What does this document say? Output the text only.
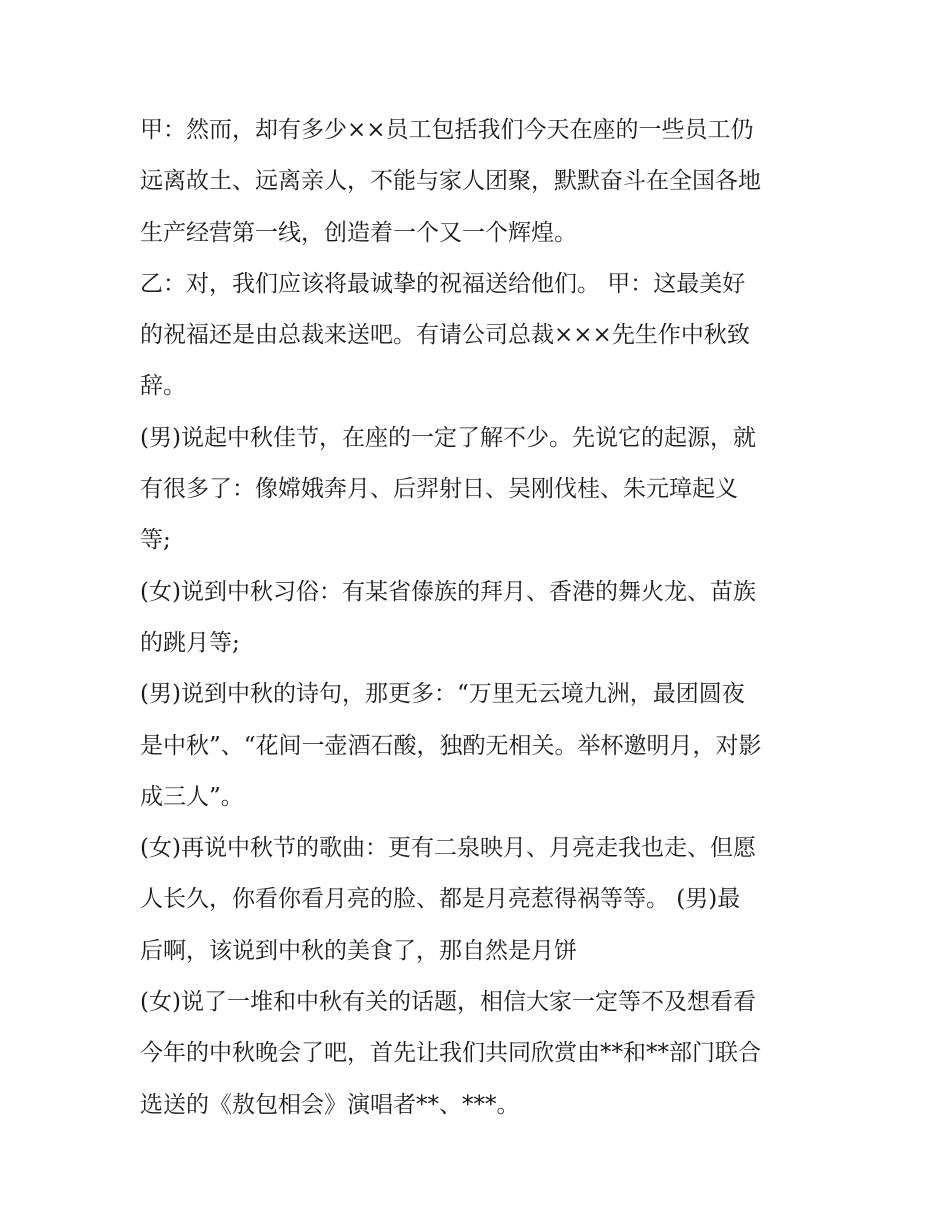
甲：然而，却有多少××员工包括我们今天在座的一些员工仍
远离故土、远离亲人，不能与家人团聚，默默奋斗在全国各地
生产经营第一线，创造着一个又一个辉煌。
乙：对，我们应该将最诚挚的祝福送给他们。 甲：这最美好
的祝福还是由总裁来送吧。有请公司总裁×××先生作中秋致
辞。
(男)说起中秋佳节，在座的一定了解不少。先说它的起源，就
有很多了：像嫦娥奔月、后羿射日、吴刚伐桂、朱元璋起义
等;
(女)说到中秋习俗：有某省傣族的拜月、香港的舞火龙、苗族
的跳月等;
(男)说到中秋的诗句，那更多：“万里无云境九洲，最团圆夜
是中秋”、“花间一壶酒石酸，独酌无相关。举杯邀明月，对影
成三人”。
(女)再说中秋节的歌曲：更有二泉映月、月亮走我也走、但愿
人长久，你看你看月亮的脸、都是月亮惹得祸等等。 (男)最
后啊，该说到中秋的美食了，那自然是月饼
(女)说了一堆和中秋有关的话题，相信大家一定等不及想看看
今年的中秋晚会了吧，首先让我们共同欣赏由**和**部门联合
选送的《敖包相会》演唱者**、***。
